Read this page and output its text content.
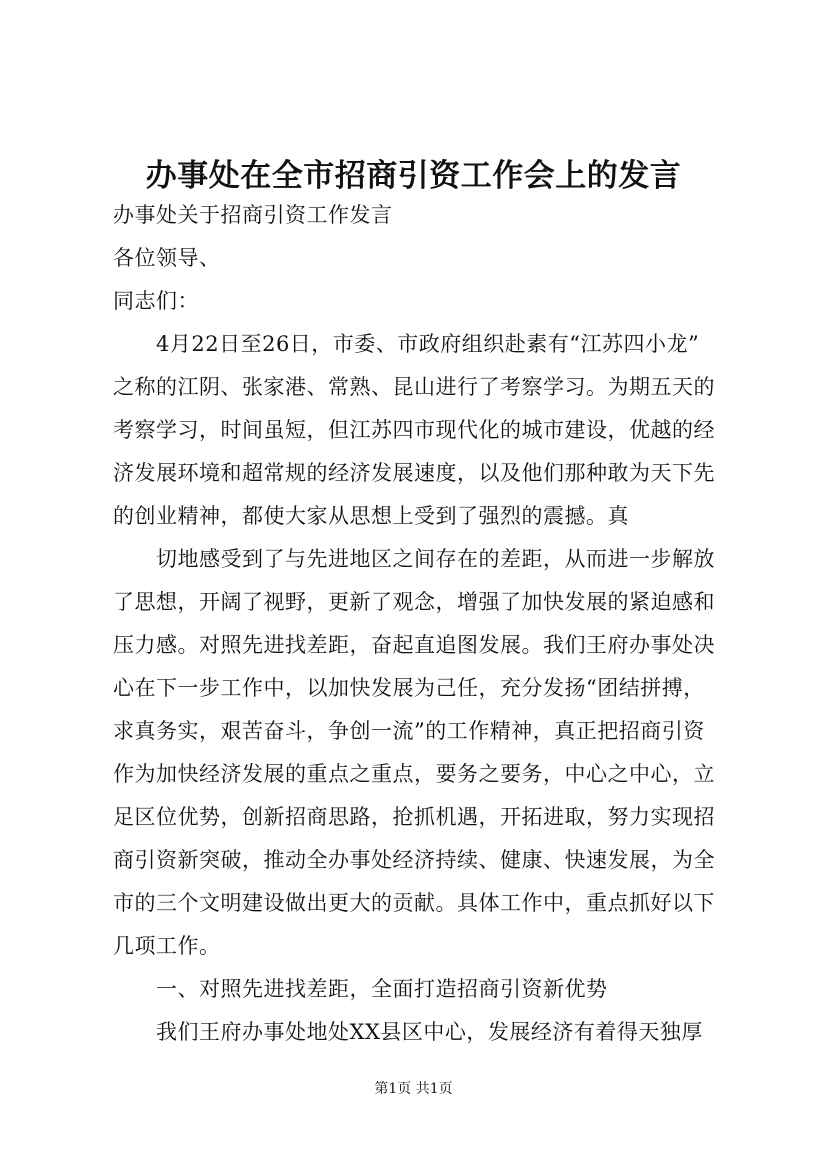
办事处在全市招商引资工作会上的发言

办事处关于招商引资工作发言

各位领导、

同志们：

4月22日至26日，市委、市政府组织赴素有“江苏四小龙”

之称的江阴、张家港、常熟、昆山进行了考察学习。为期五天的

考察学习，时间虽短，但江苏四市现代化的城市建设，优越的经

济发展环境和超常规的经济发展速度，以及他们那种敢为天下先

的创业精神，都使大家从思想上受到了强烈的震撼。真

切地感受到了与先进地区之间存在的差距，从而进一步解放

了思想，开阔了视野，更新了观念，增强了加快发展的紧迫感和

压力感。对照先进找差距，奋起直追图发展。我们王府办事处决

心在下一步工作中，以加快发展为己任，充分发扬“团结拼搏，

求真务实，艰苦奋斗，争创一流”的工作精神，真正把招商引资

作为加快经济发展的重点之重点，要务之要务，中心之中心，立

足区位优势，创新招商思路，抢抓机遇，开拓进取，努力实现招

商引资新突破，推动全办事处经济持续、健康、快速发展，为全

市的三个文明建设做出更大的贡献。具体工作中，重点抓好以下

几项工作。

一、对照先进找差距，全面打造招商引资新优势

我们王府办事处地处XX县区中心，发展经济有着得天独厚

第1页 共1页
